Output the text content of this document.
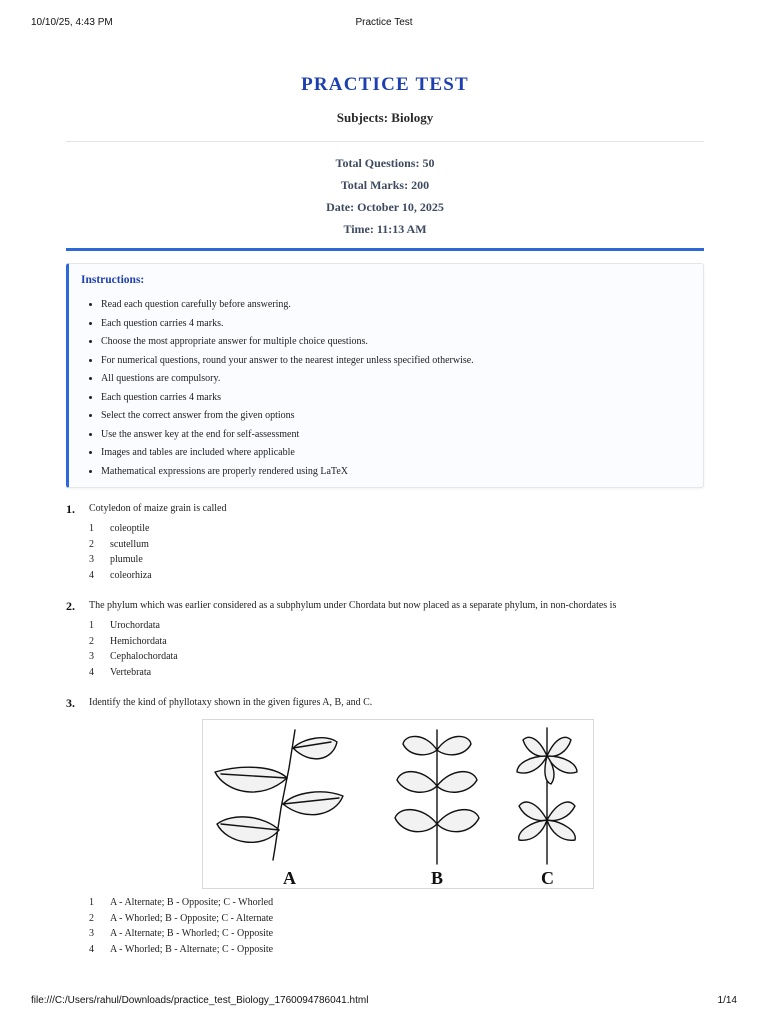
10/10/25, 4:43 PM	Practice Test
PRACTICE TEST
Subjects: Biology
Total Questions: 50
Total Marks: 200
Date: October 10, 2025
Time: 11:13 AM
Instructions:
• Read each question carefully before answering.
• Each question carries 4 marks.
• Choose the most appropriate answer for multiple choice questions.
• For numerical questions, round your answer to the nearest integer unless specified otherwise.
• All questions are compulsory.
• Each question carries 4 marks
• Select the correct answer from the given options
• Use the answer key at the end for self-assessment
• Images and tables are included where applicable
• Mathematical expressions are properly rendered using LaTeX
1.	Cotyledon of maize grain is called
1	coleoptile
2	scutellum
3	plumule
4	coleorhiza
2.	The phylum which was earlier considered as a subphylum under Chordata but now placed as a separate phylum, in non-chordates is
1	Urochordata
2	Hemichordata
3	Cephalochordata
4	Vertebrata
3.	Identify the kind of phyllotaxy shown in the given figures A, B, and C.
A	B	C
1	A - Alternate; B - Opposite; C - Whorled
2	A - Whorled; B - Opposite; C - Alternate
3	A - Alternate; B - Whorled; C - Opposite
4	A - Whorled; B - Alternate; C - Opposite
file:///C:/Users/rahul/Downloads/practice_test_Biology_1760094786041.html	1/14
